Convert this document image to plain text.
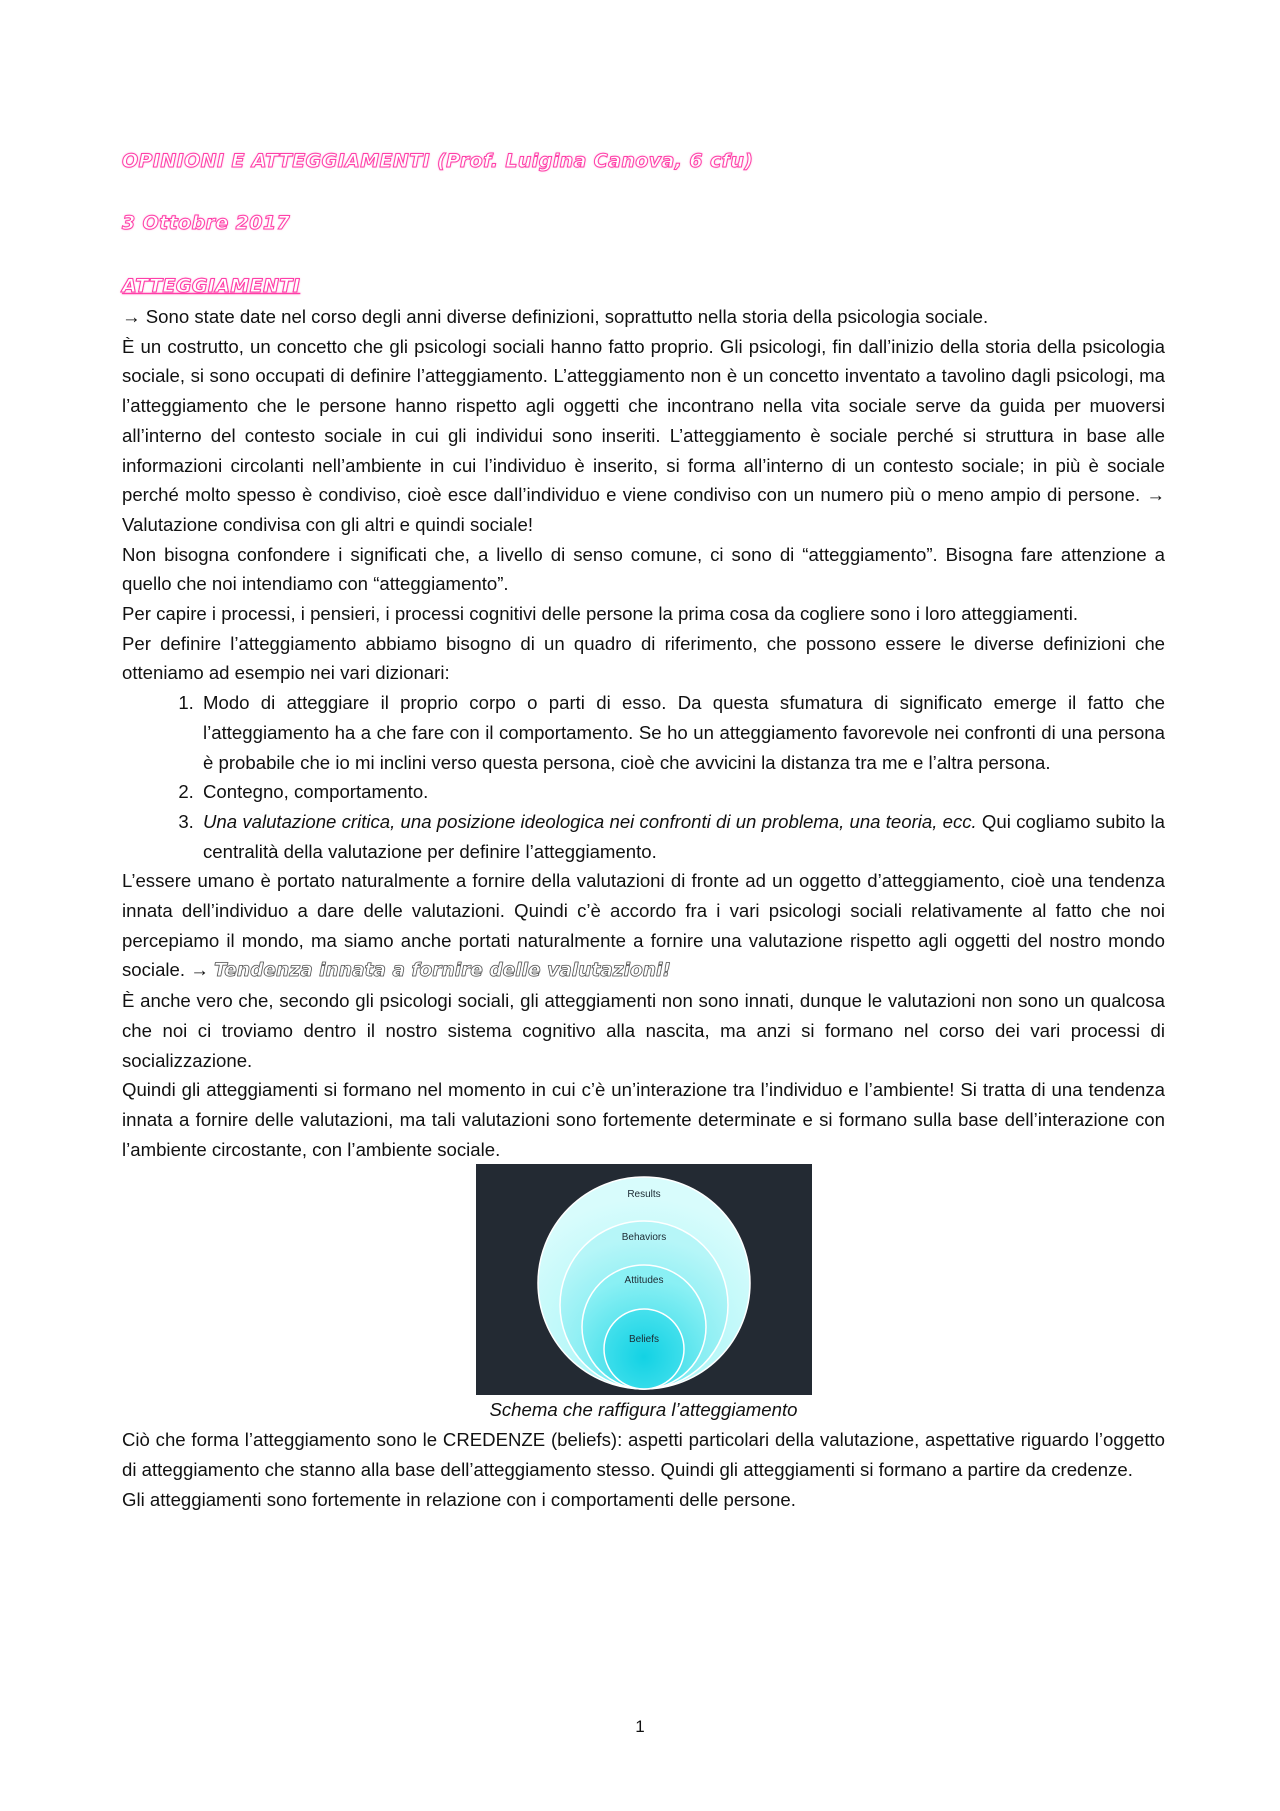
OPINIONI E ATTEGGIAMENTI (Prof. Luigina Canova, 6 cfu)
3 Ottobre 2017
ATTEGGIAMENTI

→ Sono state date nel corso degli anni diverse definizioni, soprattutto nella storia della psicologia sociale.

È un costrutto, un concetto che gli psicologi sociali hanno fatto proprio. Gli psicologi, fin dall’inizio della storia della psicologia sociale, si sono occupati di definire l’atteggiamento. L’atteggiamento non è un concetto inventato a tavolino dagli psicologi, ma l’atteggiamento che le persone hanno rispetto agli oggetti che incontrano nella vita sociale serve da guida per muoversi all’interno del contesto sociale in cui gli individui sono inseriti. L’atteggiamento è sociale perché si struttura in base alle informazioni circolanti nell’ambiente in cui l’individuo è inserito, si forma all’interno di un contesto sociale; in più è sociale perché molto spesso è condiviso, cioè esce dall’individuo e viene condiviso con un numero più o meno ampio di persone. → Valutazione condivisa con gli altri e quindi sociale!

Non bisogna confondere i significati che, a livello di senso comune, ci sono di “atteggiamento”. Bisogna fare attenzione a quello che noi intendiamo con “atteggiamento”.

Per capire i processi, i pensieri, i processi cognitivi delle persone la prima cosa da cogliere sono i loro atteggiamenti.

Per definire l’atteggiamento abbiamo bisogno di un quadro di riferimento, che possono essere le diverse definizioni che otteniamo ad esempio nei vari dizionari:

1. Modo di atteggiare il proprio corpo o parti di esso. Da questa sfumatura di significato emerge il fatto che l’atteggiamento ha a che fare con il comportamento. Se ho un atteggiamento favorevole nei confronti di una persona è probabile che io mi inclini verso questa persona, cioè che avvicini la distanza tra me e l’altra persona.
2. Contegno, comportamento.
3. Una valutazione critica, una posizione ideologica nei confronti di un problema, una teoria, ecc. Qui cogliamo subito la centralità della valutazione per definire l’atteggiamento.

L’essere umano è portato naturalmente a fornire della valutazioni di fronte ad un oggetto d’atteggiamento, cioè una tendenza innata dell’individuo a dare delle valutazioni. Quindi c’è accordo fra i vari psicologi sociali relativamente al fatto che noi percepiamo il mondo, ma siamo anche portati naturalmente a fornire una valutazione rispetto agli oggetti del nostro mondo sociale. → Tendenza innata a fornire delle valutazioni!

È anche vero che, secondo gli psicologi sociali, gli atteggiamenti non sono innati, dunque le valutazioni non sono un qualcosa che noi ci troviamo dentro il nostro sistema cognitivo alla nascita, ma anzi si formano nel corso dei vari processi di socializzazione.

Quindi gli atteggiamenti si formano nel momento in cui c’è un’interazione tra l’individuo e l’ambiente! Si tratta di una tendenza innata a fornire delle valutazioni, ma tali valutazioni sono fortemente determinate e si formano sulla base dell’interazione con l’ambiente circostante, con l’ambiente sociale.

Results
Behaviors
Attitudes
Beliefs

Schema che raffigura l’atteggiamento

Ciò che forma l’atteggiamento sono le CREDENZE (beliefs): aspetti particolari della valutazione, aspettative riguardo l’oggetto di atteggiamento che stanno alla base dell’atteggiamento stesso. Quindi gli atteggiamenti si formano a partire da credenze.

Gli atteggiamenti sono fortemente in relazione con i comportamenti delle persone.

1
